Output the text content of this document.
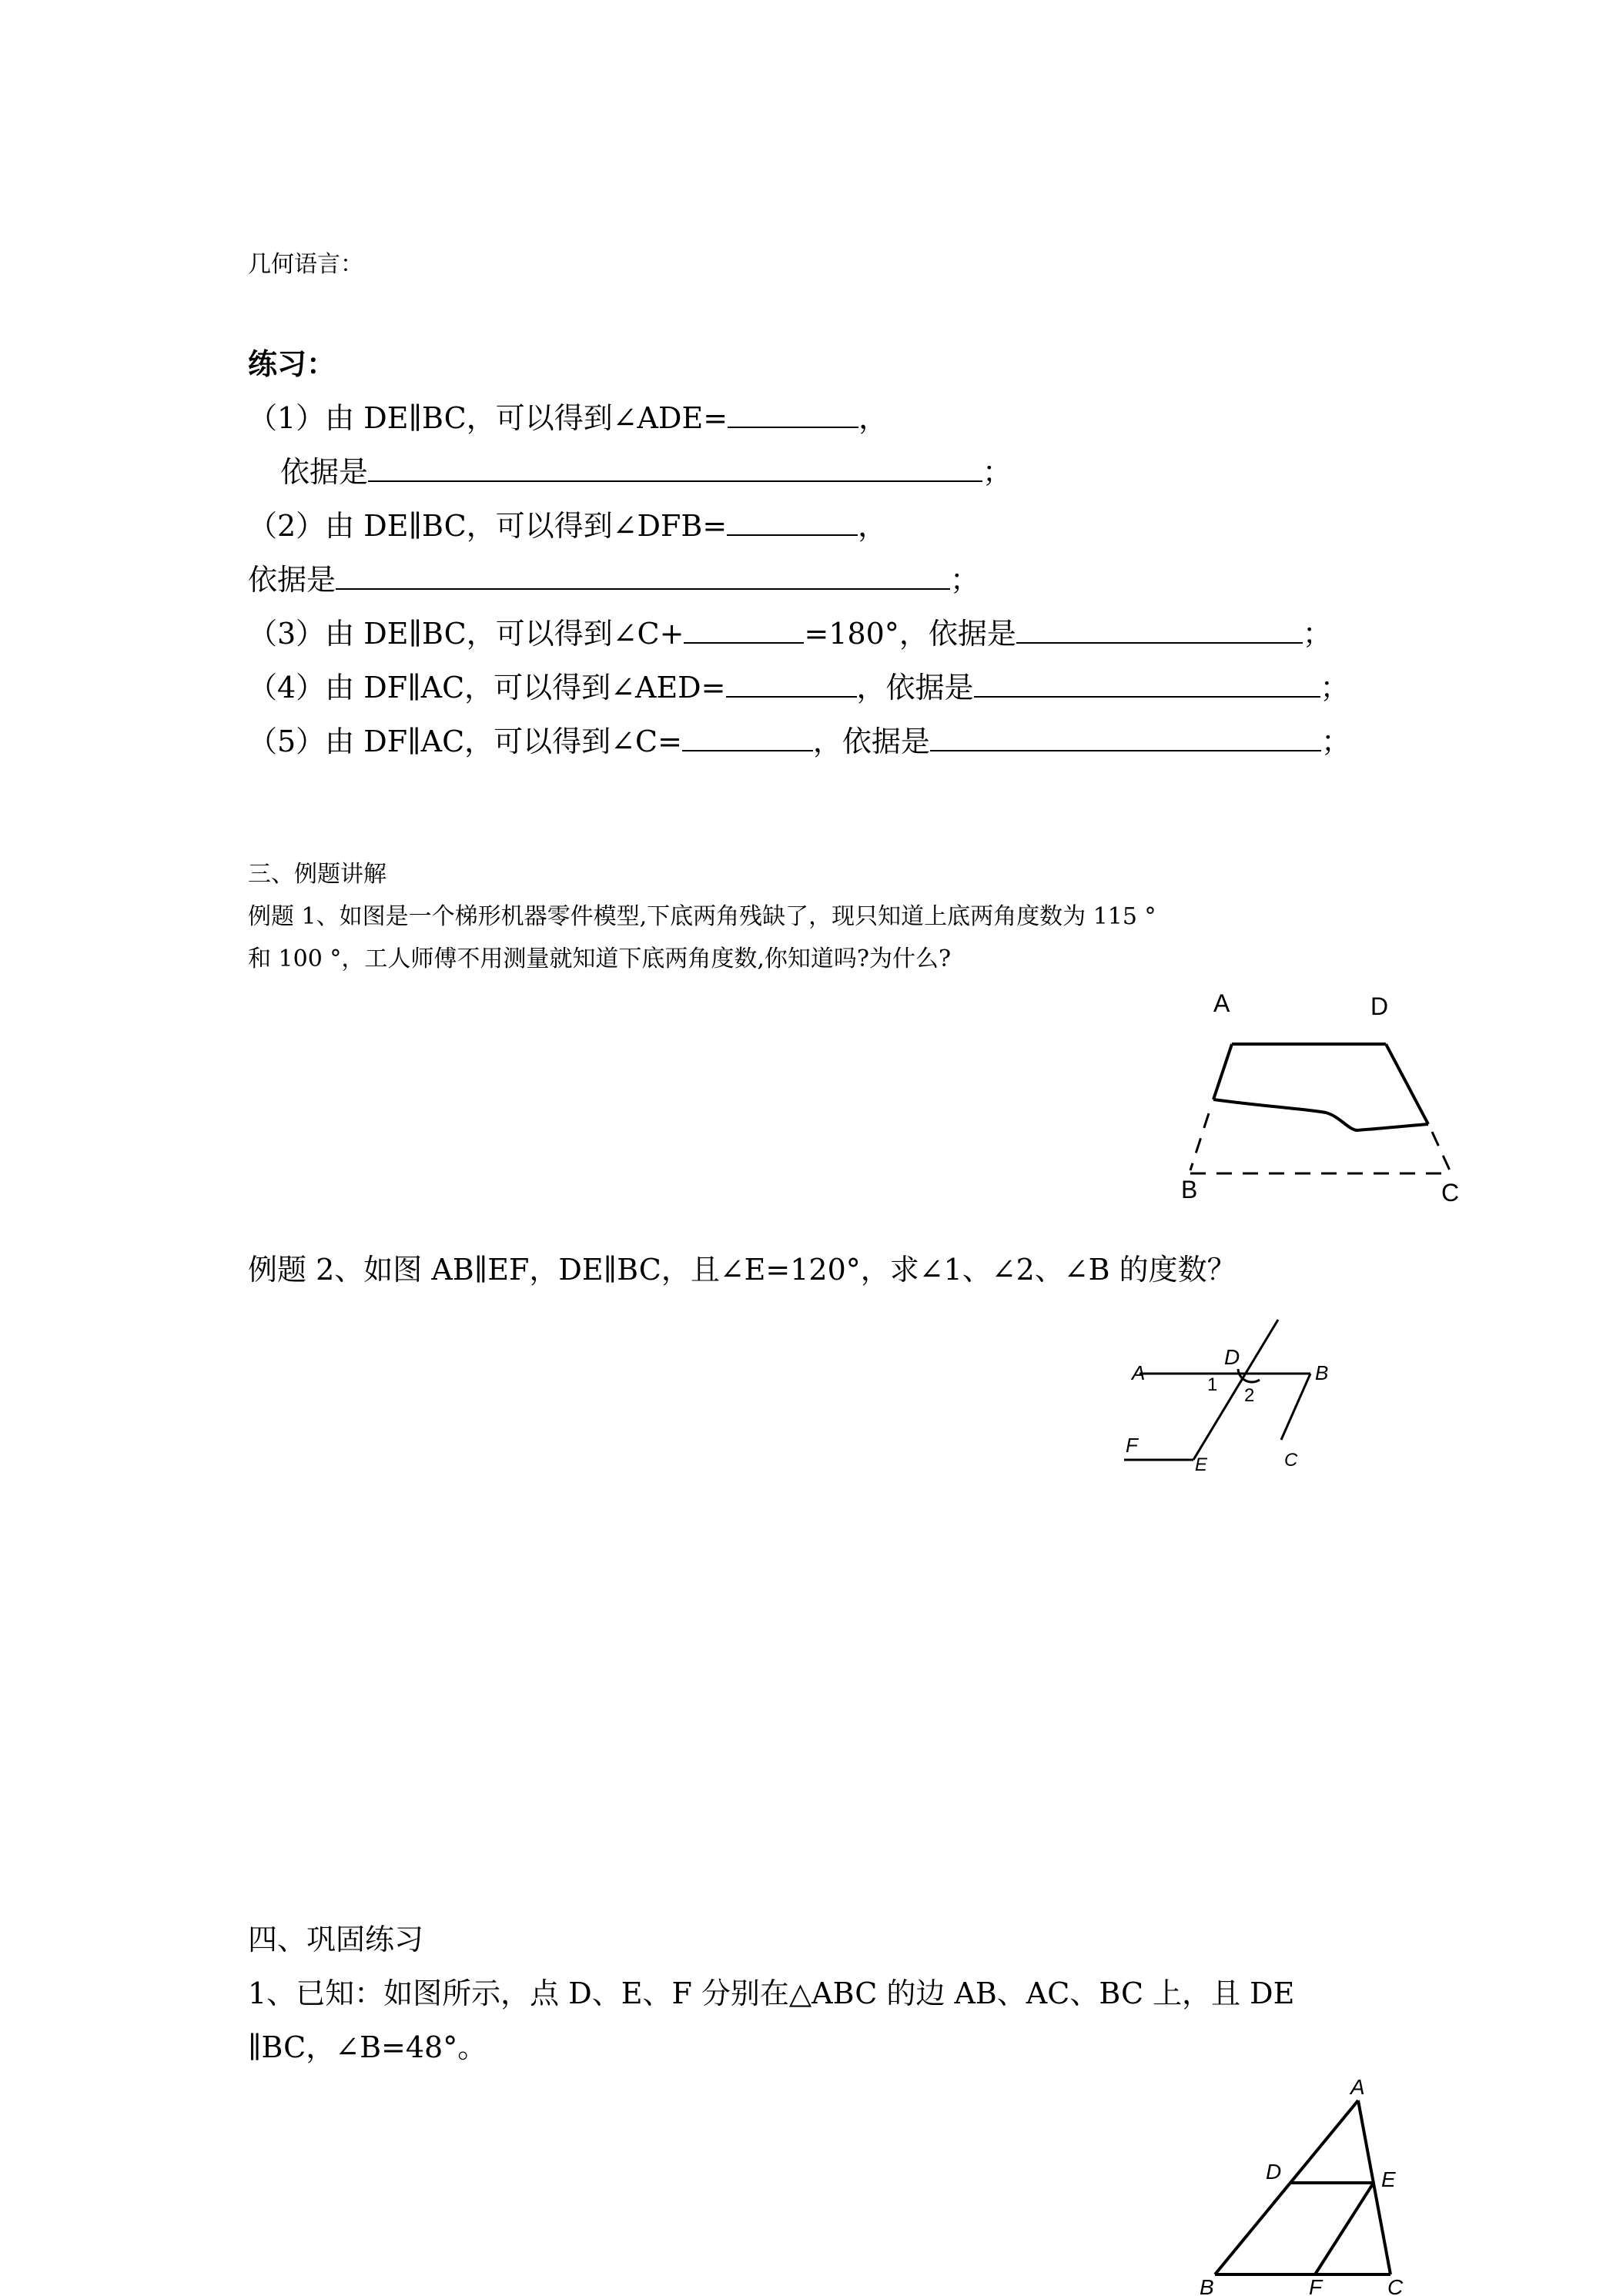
几何语言：
练习：
（1）由 DE∥BC，可以得到∠ADE=	，
依据是	；
（2）由 DE∥BC，可以得到∠DFB=	，
依据是	；
（3）由 DE∥BC，可以得到∠C+	=180°，依据是	；
（4）由 DF∥AC，可以得到∠AED=	，依据是	；
（5）由 DF∥AC，可以得到∠C=	，依据是	；
三、例题讲解
例题 1、如图是一个梯形机器零件模型,下底两角残缺了，现只知道上底两角度数为 115 °
和 100 °，工人师傅不用测量就知道下底两角度数,你知道吗?为什么?
A	D
B	C
例题 2、如图 AB∥EF，DE∥BC，且∠E=120°，求∠1、∠2、∠B 的度数？
A
D
B
1
2
F
E	C
四、巩固练习
1、已知：如图所示，点 D、E、F 分别在△ABC 的边 AB、AC、BC 上，且 DE
∥BC，∠B=48°。
A
D	E
B	F	C
